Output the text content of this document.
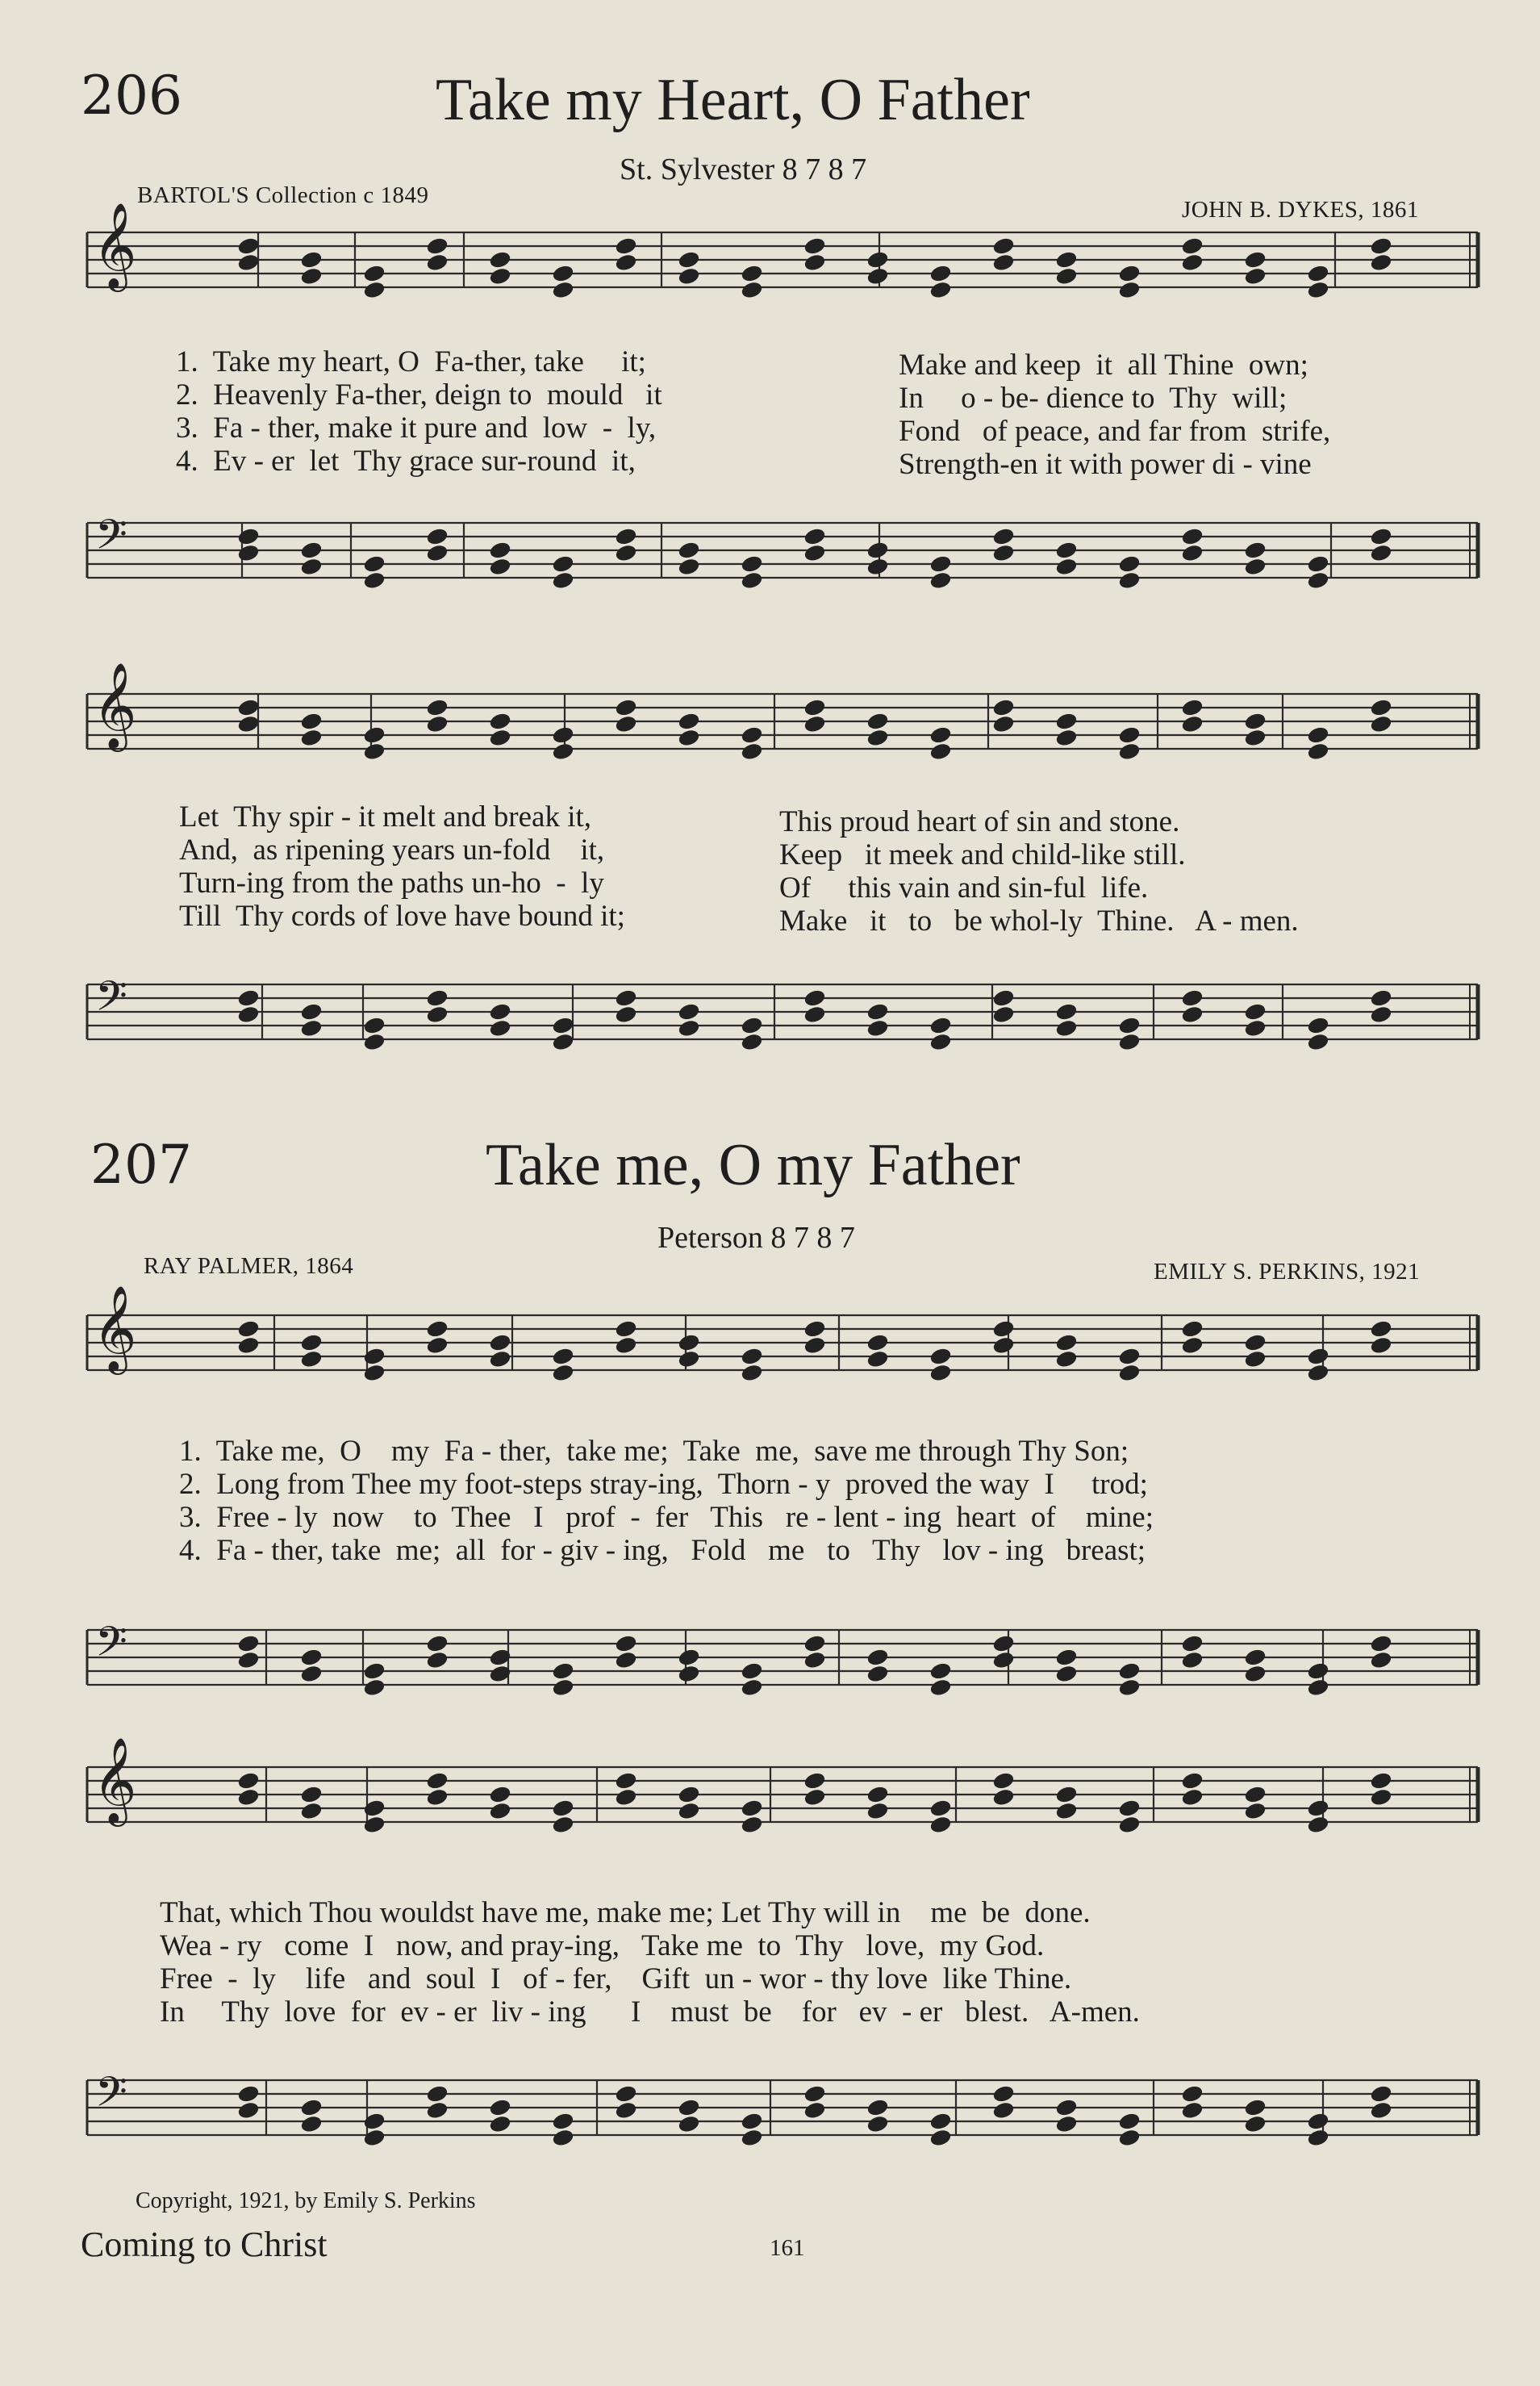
206	Take my Heart, O Father
St. Sylvester 8 7 8 7
BARTOL'S Collection c 1849
JOHN B. DYKES, 1861
207	Take me, O my Father
Peterson 8 7 8 7
RAY PALMER, 1864	EMILY S. PERKINS, 1921
𝄞
𝄢
𝄞
𝄢
𝄞
𝄢
𝄞
𝄢
1.  Take my heart, O  Fa-ther, take     it;
2.  Heavenly Fa-ther, deign to  mould   it
3.  Fa - ther, make it pure and  low  -  ly,
4.  Ev - er  let  Thy grace sur-round  it,
Make and keep  it  all Thine  own;
In     o - be- dience to  Thy  will;
Fond   of peace, and far from  strife,
Strength-en it with power di - vine
Let  Thy spir - it melt and break it,
And,  as ripening years un-fold    it,
Turn-ing from the paths un-ho  -  ly
Till  Thy cords of love have bound it;
This proud heart of sin and stone.
Keep   it meek and child-like still.
Of     this vain and sin-ful  life.
Make   it   to   be whol-ly  Thine.   A - men.
1.  Take me,  O    my  Fa - ther,  take me;  Take  me,  save me through Thy Son;
2.  Long from Thee my foot-steps stray-ing,  Thorn - y  proved the way  I     trod;
3.  Free - ly  now    to  Thee   I   prof  -  fer   This   re - lent - ing  heart  of    mine;
4.  Fa - ther, take  me;  all  for - giv - ing,   Fold   me   to   Thy   lov - ing   breast;
That, which Thou wouldst have me, make me; Let Thy will in    me  be  done.
Wea - ry   come  I   now, and pray-ing,   Take me  to  Thy   love,  my God.
Free  -  ly    life   and  soul  I   of - fer,    Gift  un - wor - thy love  like Thine.
In     Thy  love  for  ev - er  liv - ing      I    must  be    for   ev  - er   blest.   A-men.
Copyright, 1921, by Emily S. Perkins
Coming to Christ	161
